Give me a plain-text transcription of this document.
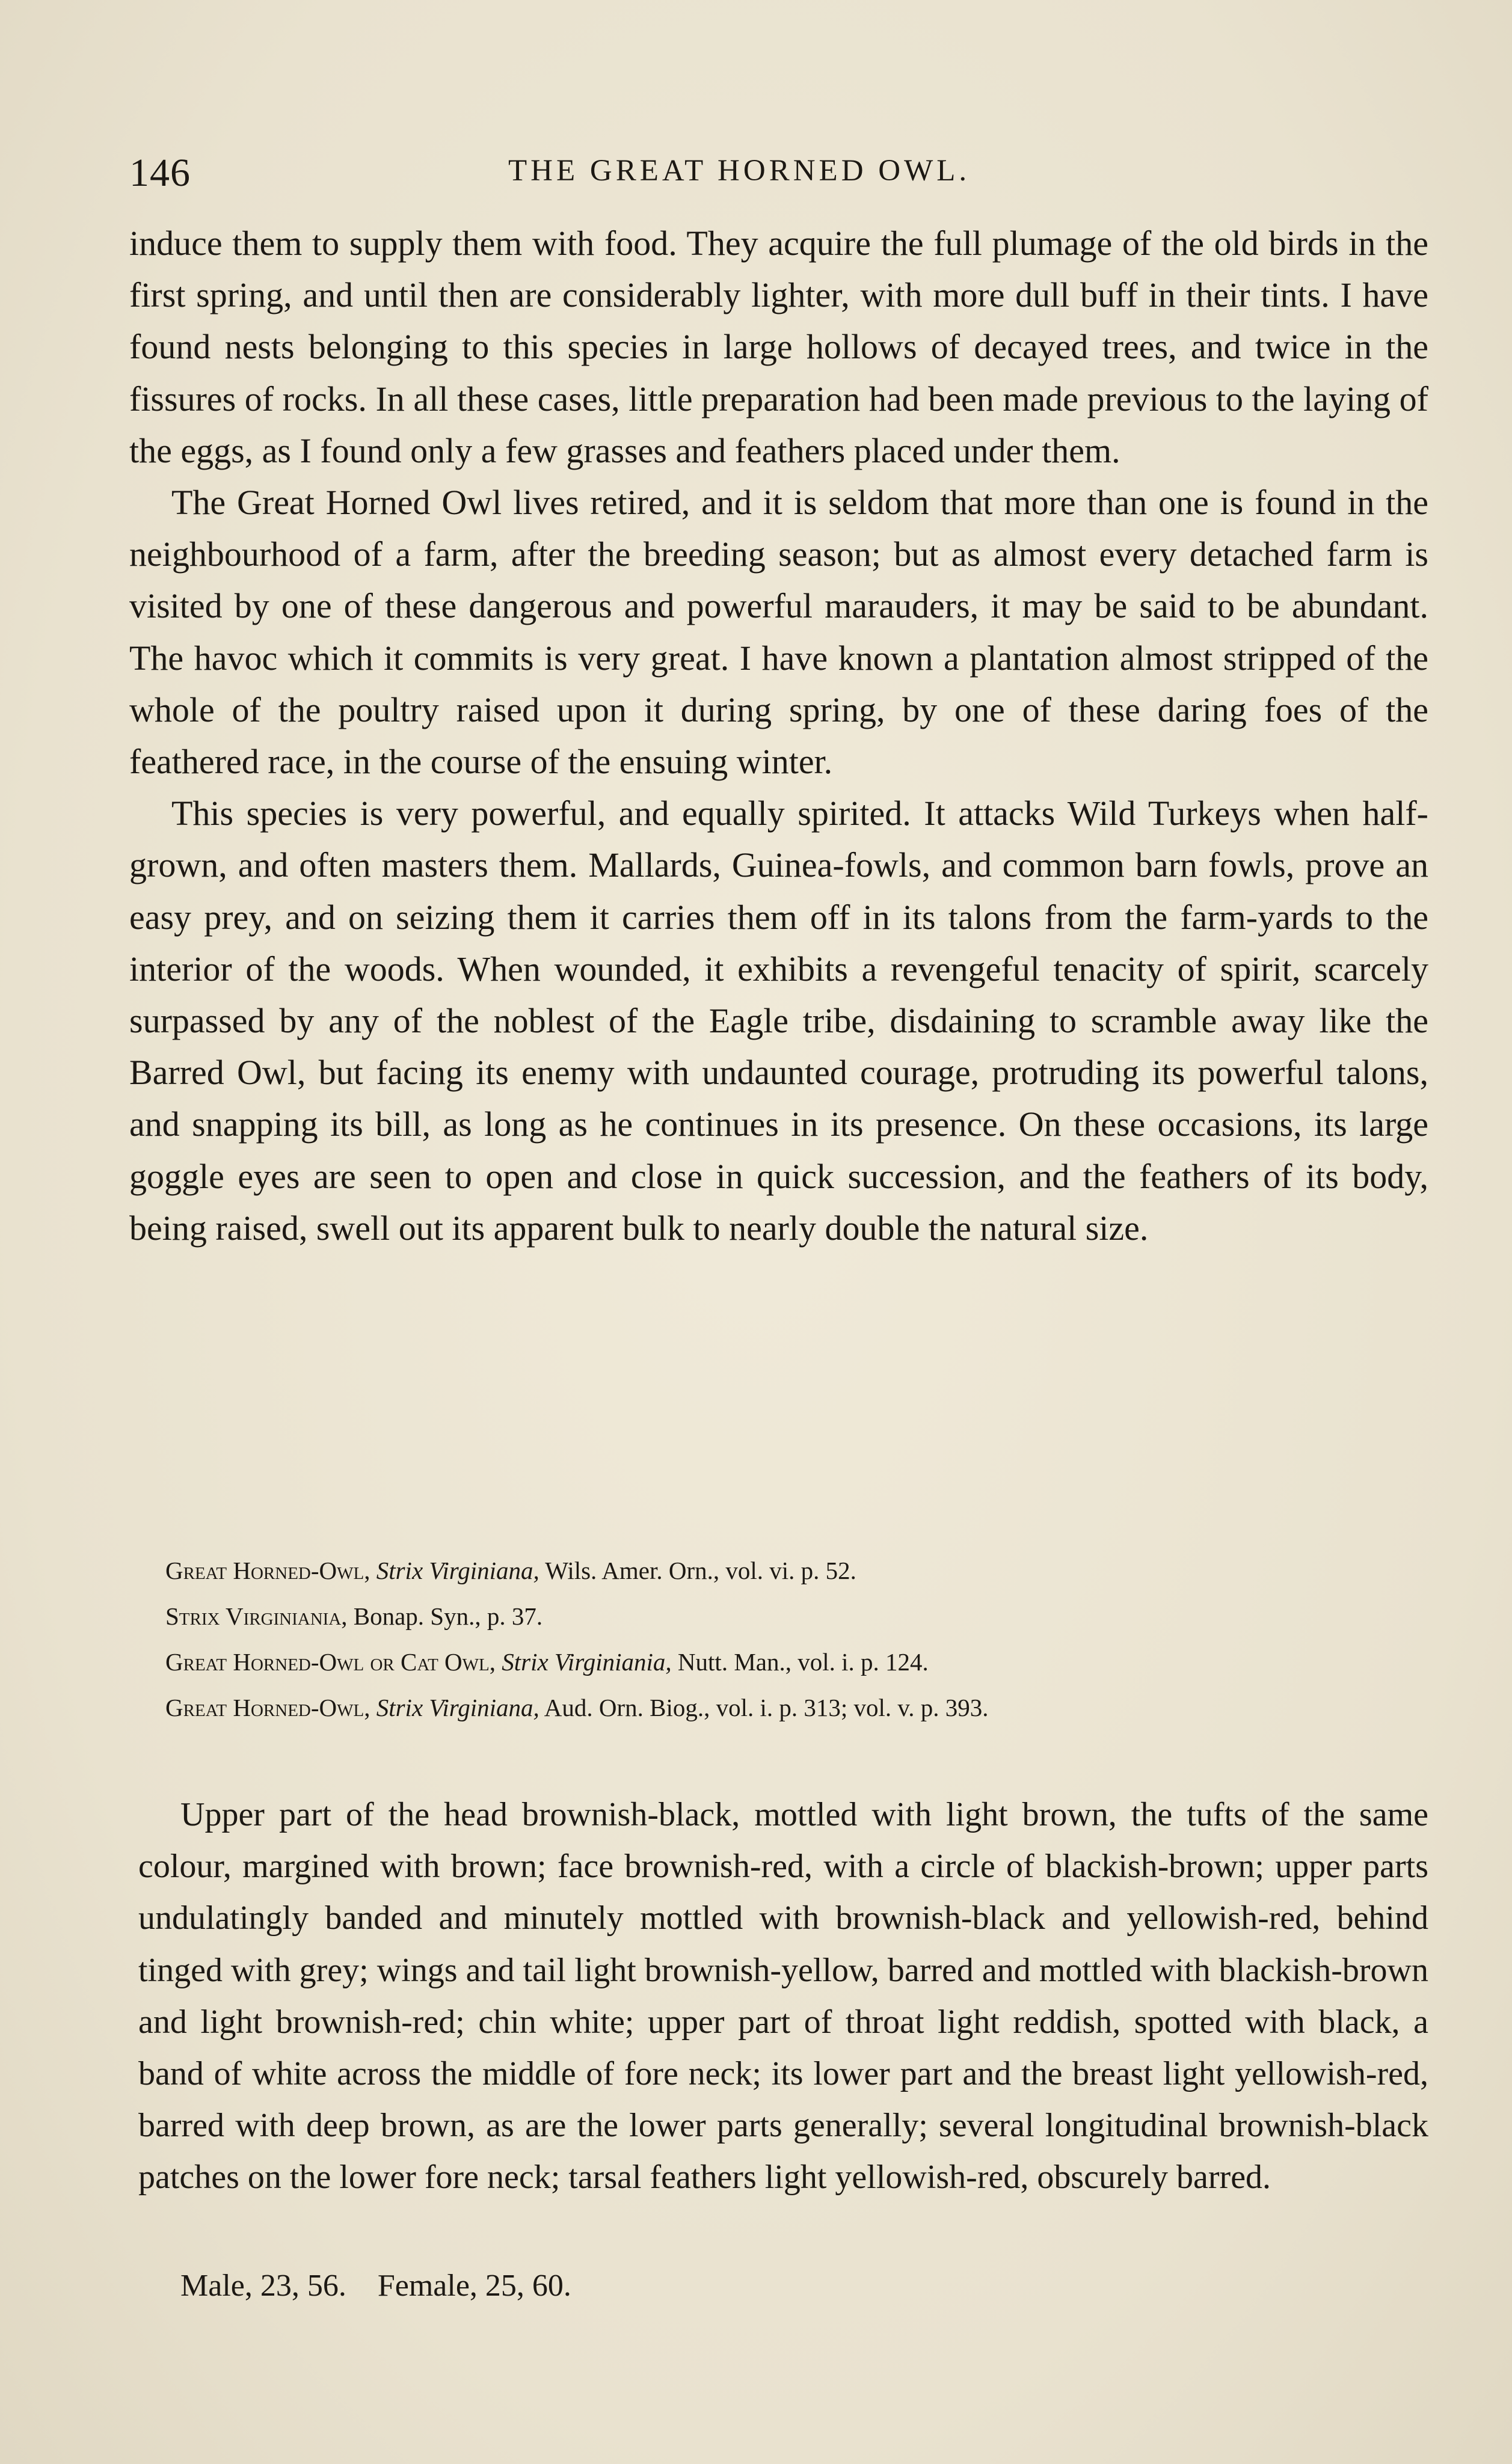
146	THE GREAT HORNED OWL.

induce them to supply them with food. They acquire the full plumage of the old birds in the first spring, and until then are considerably lighter, with more dull buff in their tints. I have found nests belonging to this species in large hollows of decayed trees, and twice in the fissures of rocks. In all these cases, little preparation had been made previous to the laying of the eggs, as I found only a few grasses and feathers placed under them.

The Great Horned Owl lives retired, and it is seldom that more than one is found in the neighbourhood of a farm, after the breeding season; but as almost every detached farm is visited by one of these dangerous and powerful marauders, it may be said to be abundant. The havoc which it commits is very great. I have known a plantation almost stripped of the whole of the poultry raised upon it during spring, by one of these daring foes of the feathered race, in the course of the ensuing winter.

This species is very powerful, and equally spirited. It attacks Wild Turkeys when half-grown, and often masters them. Mallards, Guinea-fowls, and common barn fowls, prove an easy prey, and on seizing them it carries them off in its talons from the farm-yards to the interior of the woods. When wounded, it exhibits a revengeful tenacity of spirit, scarcely surpassed by any of the noblest of the Eagle tribe, disdaining to scramble away like the Barred Owl, but facing its enemy with undaunted courage, protruding its powerful talons, and snapping its bill, as long as he continues in its presence. On these occasions, its large goggle eyes are seen to open and close in quick succession, and the feathers of its body, being raised, swell out its apparent bulk to nearly double the natural size.

Great Horned-Owl, Strix Virginiana, Wils. Amer. Orn., vol. vi. p. 52.
Strix Virginiania, Bonap. Syn., p. 37.
Great Horned-Owl or Cat Owl, Strix Virginiania, Nutt. Man., vol. i. p. 124.
Great Horned-Owl, Strix Virginiana, Aud. Orn. Biog., vol. i. p. 313; vol. v. p. 393.

Upper part of the head brownish-black, mottled with light brown, the tufts of the same colour, margined with brown; face brownish-red, with a circle of blackish-brown; upper parts undulatingly banded and minutely mottled with brownish-black and yellowish-red, behind tinged with grey; wings and tail light brownish-yellow, barred and mottled with blackish-brown and light brownish-red; chin white; upper part of throat light reddish, spotted with black, a band of white across the middle of fore neck; its lower part and the breast light yellowish-red, barred with deep brown, as are the lower parts generally; several longitudinal brownish-black patches on the lower fore neck; tarsal feathers light yellowish-red, obscurely barred.

Male, 23, 56. Female, 25, 60.
